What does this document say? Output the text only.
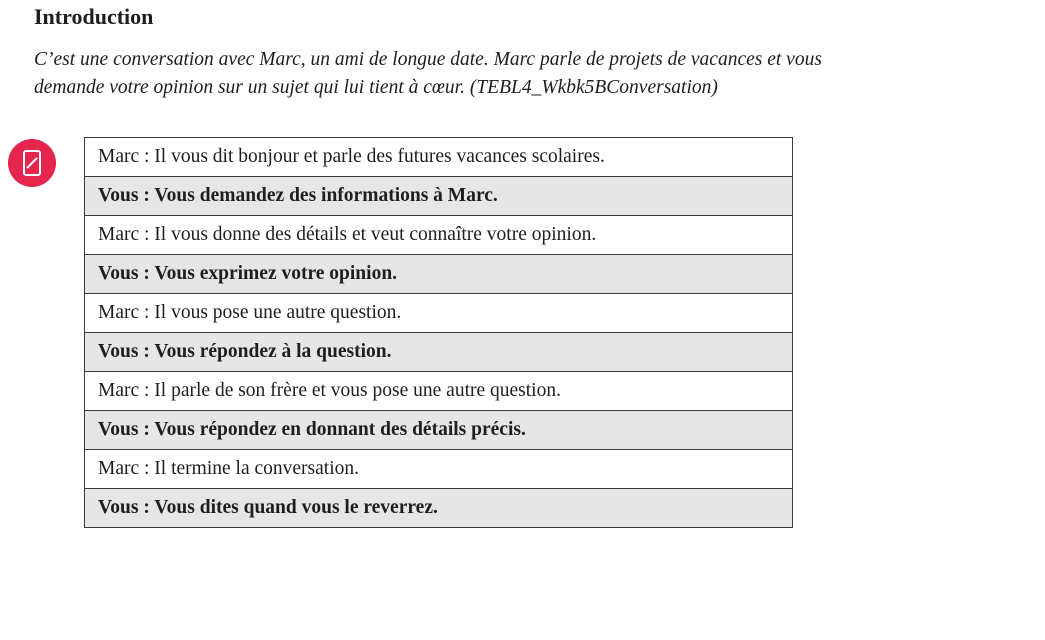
Introduction

C’est une conversation avec Marc, un ami de longue date. Marc parle de projets de vacances et vous
demande votre opinion sur un sujet qui lui tient à cœur. (TEBL4_Wkbk5BConversation)

Marc : Il vous dit bonjour et parle des futures vacances scolaires.
Vous : Vous demandez des informations à Marc.
Marc : Il vous donne des détails et veut connaître votre opinion.
Vous : Vous exprimez votre opinion.
Marc : Il vous pose une autre question.
Vous : Vous répondez à la question.
Marc : Il parle de son frère et vous pose une autre question.
Vous : Vous répondez en donnant des détails précis.
Marc : Il termine la conversation.
Vous : Vous dites quand vous le reverrez.
